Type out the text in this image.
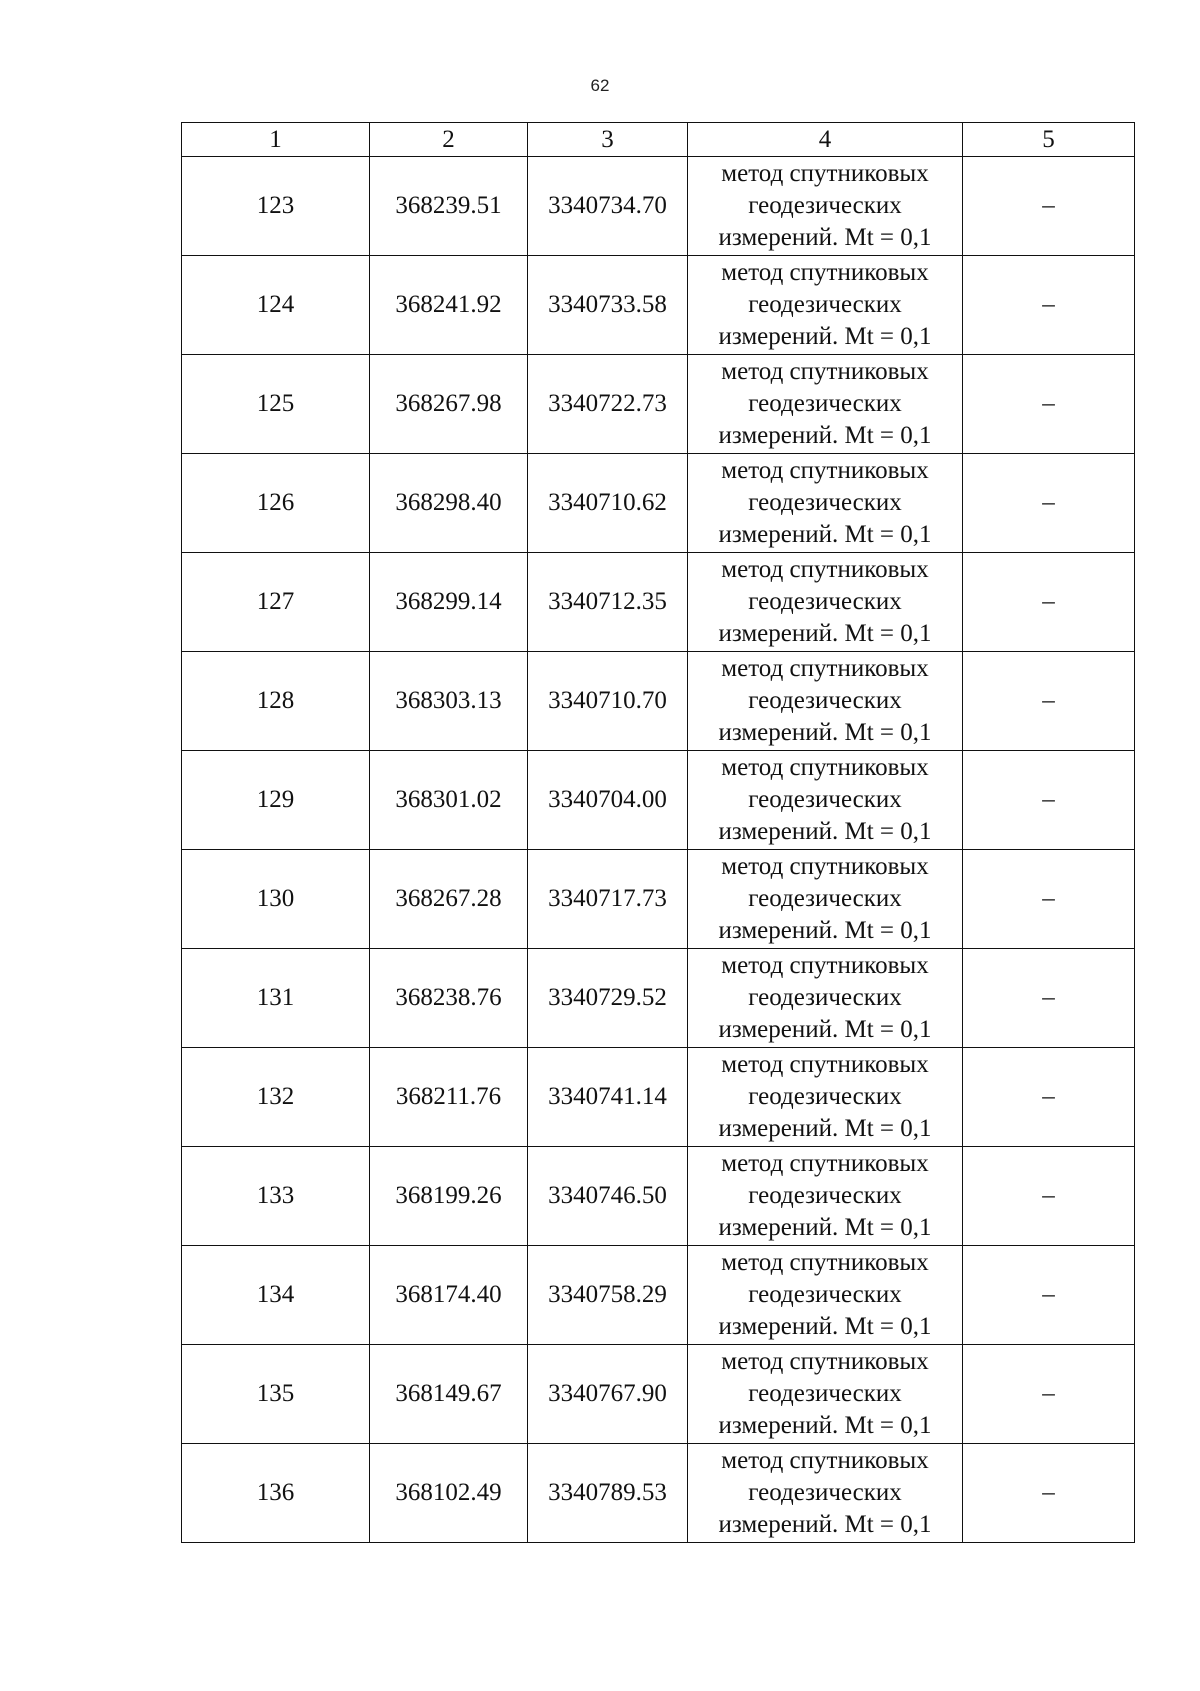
62
1	2	3	4	5
123	368239.51	3340734.70	метод спутниковых
геодезических
измерений. Mt = 0,1	–
124	368241.92	3340733.58	метод спутниковых
геодезических
измерений. Mt = 0,1	–
125	368267.98	3340722.73	метод спутниковых
геодезических
измерений. Mt = 0,1	–
126	368298.40	3340710.62	метод спутниковых
геодезических
измерений. Mt = 0,1	–
127	368299.14	3340712.35	метод спутниковых
геодезических
измерений. Mt = 0,1	–
128	368303.13	3340710.70	метод спутниковых
геодезических
измерений. Mt = 0,1	–
129	368301.02	3340704.00	метод спутниковых
геодезических
измерений. Mt = 0,1	–
130	368267.28	3340717.73	метод спутниковых
геодезических
измерений. Mt = 0,1	–
131	368238.76	3340729.52	метод спутниковых
геодезических
измерений. Mt = 0,1	–
132	368211.76	3340741.14	метод спутниковых
геодезических
измерений. Mt = 0,1	–
133	368199.26	3340746.50	метод спутниковых
геодезических
измерений. Mt = 0,1	–
134	368174.40	3340758.29	метод спутниковых
геодезических
измерений. Mt = 0,1	–
135	368149.67	3340767.90	метод спутниковых
геодезических
измерений. Mt = 0,1	–
136	368102.49	3340789.53	метод спутниковых
геодезических
измерений. Mt = 0,1	–
